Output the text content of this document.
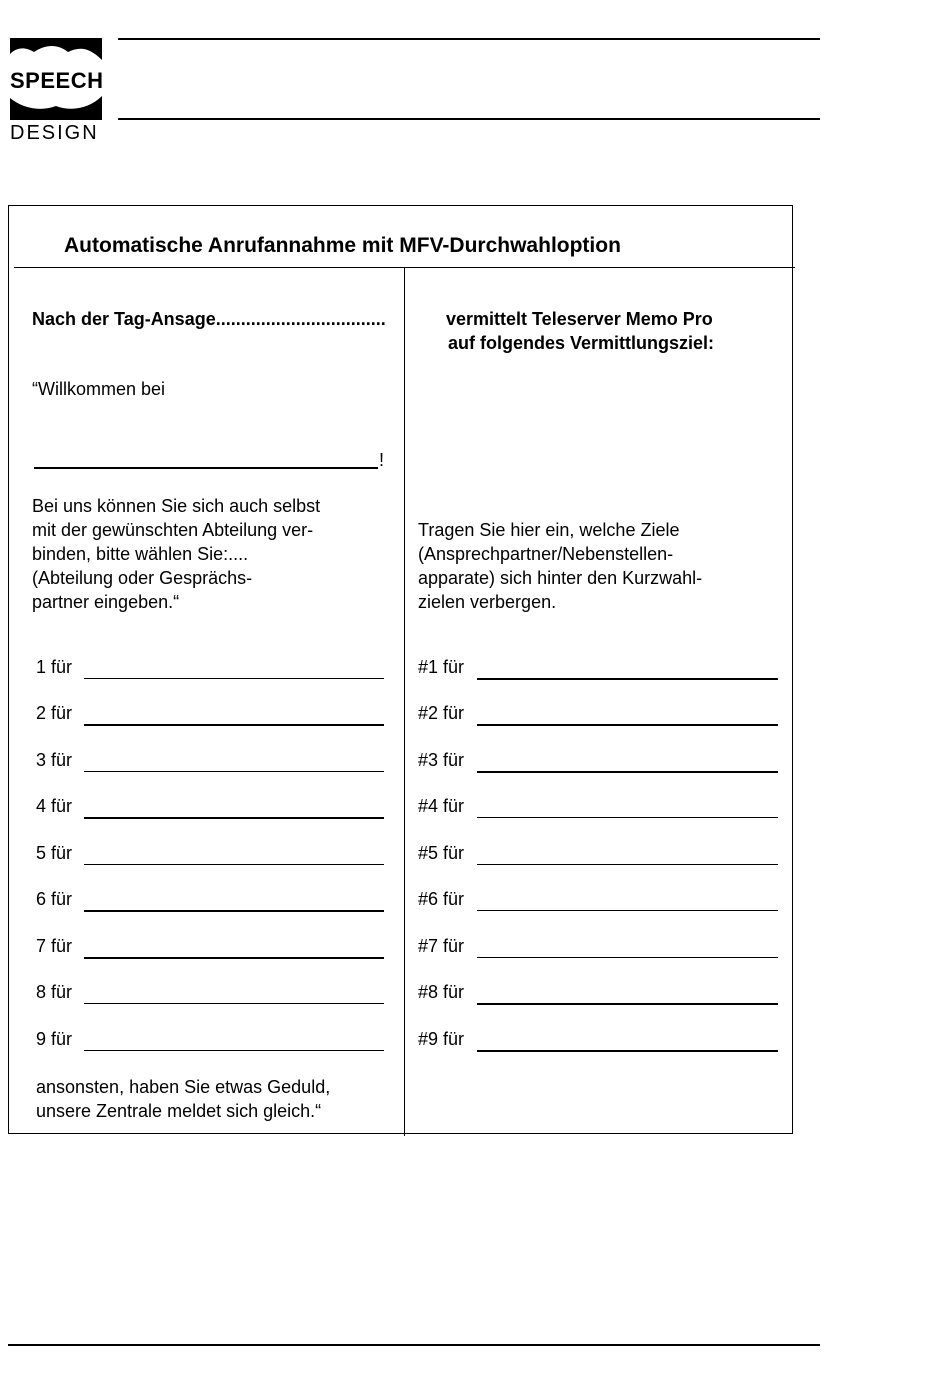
SPEECH
DESIGN
Automatische Anrufannahme mit MFV-Durchwahloption
Nach der Tag-Ansage..................................	vermittelt Teleserver Memo Pro
auf folgendes Vermittlungsziel:
“Willkommen bei
!
Bei uns können Sie sich auch selbst
mit der gewünschten Abteilung ver-
binden, bitte wählen Sie:....
(Abteilung oder Gesprächs-
partner eingeben.“
Tragen Sie hier ein, welche Ziele
(Ansprechpartner/Nebenstellen-
apparate) sich hinter den Kurzwahl-
zielen verbergen.
1 für
2 für
3 für
4 für
5 für
6 für
7 für
8 für
9 für
#1 für
#2 für
#3 für
#4 für
#5 für
#6 für
#7 für
#8 für
#9 für
ansonsten, haben Sie etwas Geduld,
unsere Zentrale meldet sich gleich.“
